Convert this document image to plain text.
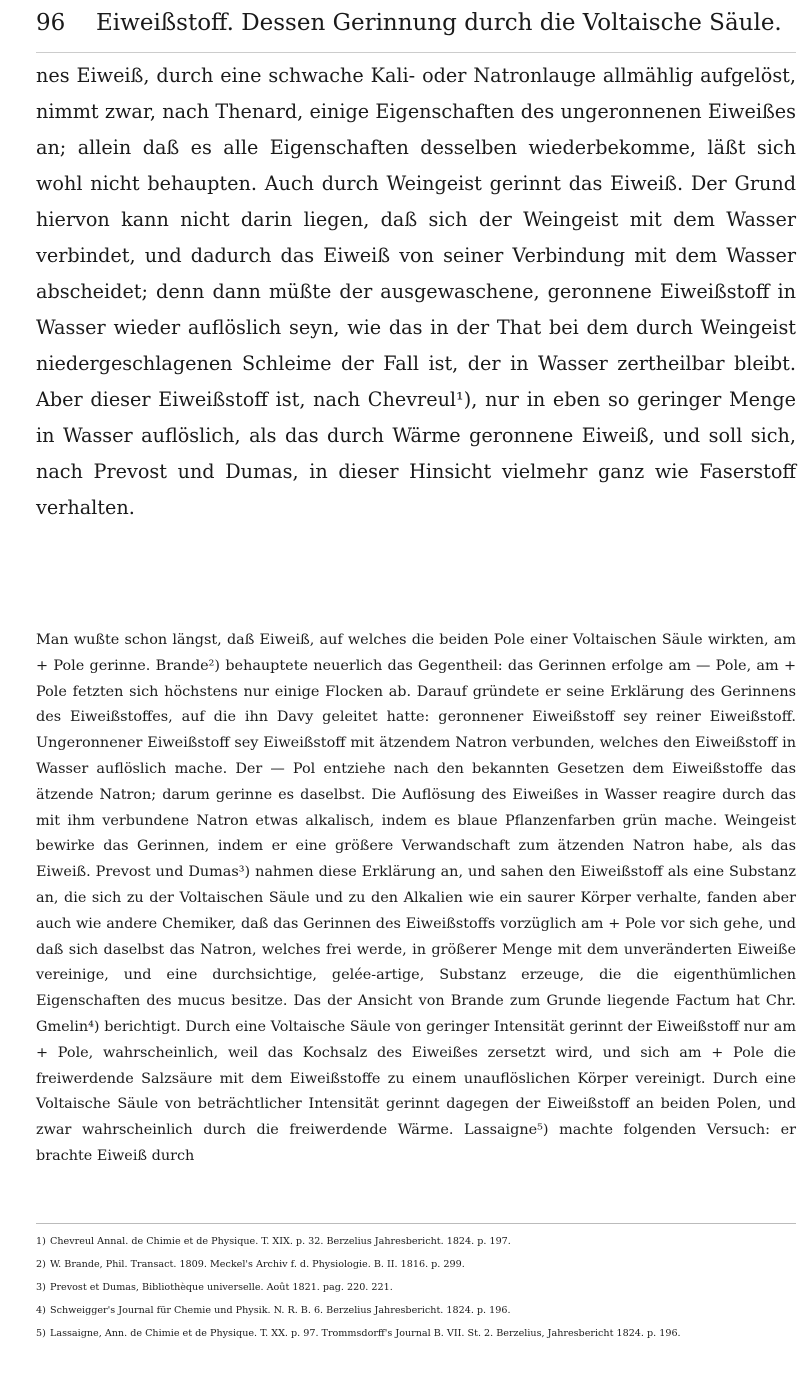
96	Eiweißstoff. Dessen Gerinnung durch die Voltaische Säule.

nes Eiweiß, durch eine schwache Kali- oder Natronlauge allmählig aufgelöst, nimmt zwar, nach Thenard, einige Eigenschaften des ungeronnenen Eiweißes an; allein daß es alle Eigenschaften desselben wiederbekomme, läßt sich wohl nicht behaupten. Auch durch Weingeist gerinnt das Eiweiß. Der Grund hiervon kann nicht darin liegen, daß sich der Weingeist mit dem Wasser verbindet, und dadurch das Eiweiß von seiner Verbindung mit dem Wasser abscheidet; denn dann müßte der ausgewaschene, geronnene Eiweißstoff in Wasser wieder auflöslich seyn, wie das in der That bei dem durch Weingeist niedergeschlagenen Schleime der Fall ist, der in Wasser zertheilbar bleibt. Aber dieser Eiweißstoff ist, nach Chevreul¹), nur in eben so geringer Menge in Wasser auflöslich, als das durch Wärme geronnene Eiweiß, und soll sich, nach Prevost und Dumas, in dieser Hinsicht vielmehr ganz wie Faserstoff verhalten.

Man wußte schon längst, daß Eiweiß, auf welches die beiden Pole einer Voltaischen Säule wirkten, am + Pole gerinne. Brande²) behauptete neuerlich das Gegentheil: das Gerinnen erfolge am — Pole, am + Pole fetzten sich höchstens nur einige Flocken ab. Darauf gründete er seine Erklärung des Gerinnens des Eiweißstoffes, auf die ihn Davy geleitet hatte: geronnener Eiweißstoff sey reiner Eiweißstoff. Ungeronnener Eiweißstoff sey Eiweißstoff mit ätzendem Natron verbunden, welches den Eiweißstoff in Wasser auflöslich mache. Der — Pol entziehe nach den bekannten Gesetzen dem Eiweißstoffe das ätzende Natron; darum gerinne es daselbst. Die Auflösung des Eiweißes in Wasser reagire durch das mit ihm verbundene Natron etwas alkalisch, indem es blaue Pflanzenfarben grün mache. Weingeist bewirke das Gerinnen, indem er eine größere Verwandschaft zum ätzenden Natron habe, als das Eiweiß. Prevost und Dumas³) nahmen diese Erklärung an, und sahen den Eiweißstoff als eine Substanz an, die sich zu der Voltaischen Säule und zu den Alkalien wie ein saurer Körper verhalte, fanden aber auch wie andere Chemiker, daß das Gerinnen des Eiweißstoffs vorzüglich am + Pole vor sich gehe, und daß sich daselbst das Natron, welches frei werde, in größerer Menge mit dem unveränderten Eiweiße vereinige, und eine durchsichtige, gelée-artige, Substanz erzeuge, die die eigenthümlichen Eigenschaften des mucus besitze. Das der Ansicht von Brande zum Grunde liegende Factum hat Chr. Gmelin⁴) berichtigt. Durch eine Voltaische Säule von geringer Intensität gerinnt der Eiweißstoff nur am + Pole, wahrscheinlich, weil das Kochsalz des Eiweißes zersetzt wird, und sich am + Pole die freiwerdende Salzsäure mit dem Eiweißstoffe zu einem unauflöslichen Körper vereinigt. Durch eine Voltaische Säule von beträchtlicher Intensität gerinnt dagegen der Eiweißstoff an beiden Polen, und zwar wahrscheinlich durch die freiwerdende Wärme. Lassaigne⁵) machte folgenden Versuch: er brachte Eiweiß durch

1) Chevreul Annal. de Chimie et de Physique. T. XIX. p. 32. Berzelius Jahresbericht. 1824. p. 197.
2) W. Brande, Phil. Transact. 1809. Meckel's Archiv f. d. Physiologie. B. II. 1816. p. 299.
3) Prevost et Dumas, Bibliothèque universelle. Août 1821. pag. 220. 221.
4) Schweigger's Journal für Chemie und Physik. N. R. B. 6. Berzelius Jahresbericht. 1824. p. 196.
5) Lassaigne, Ann. de Chimie et de Physique. T. XX. p. 97. Trommsdorff's Journal B. VII. St. 2. Berzelius, Jahresbericht 1824. p. 196.
